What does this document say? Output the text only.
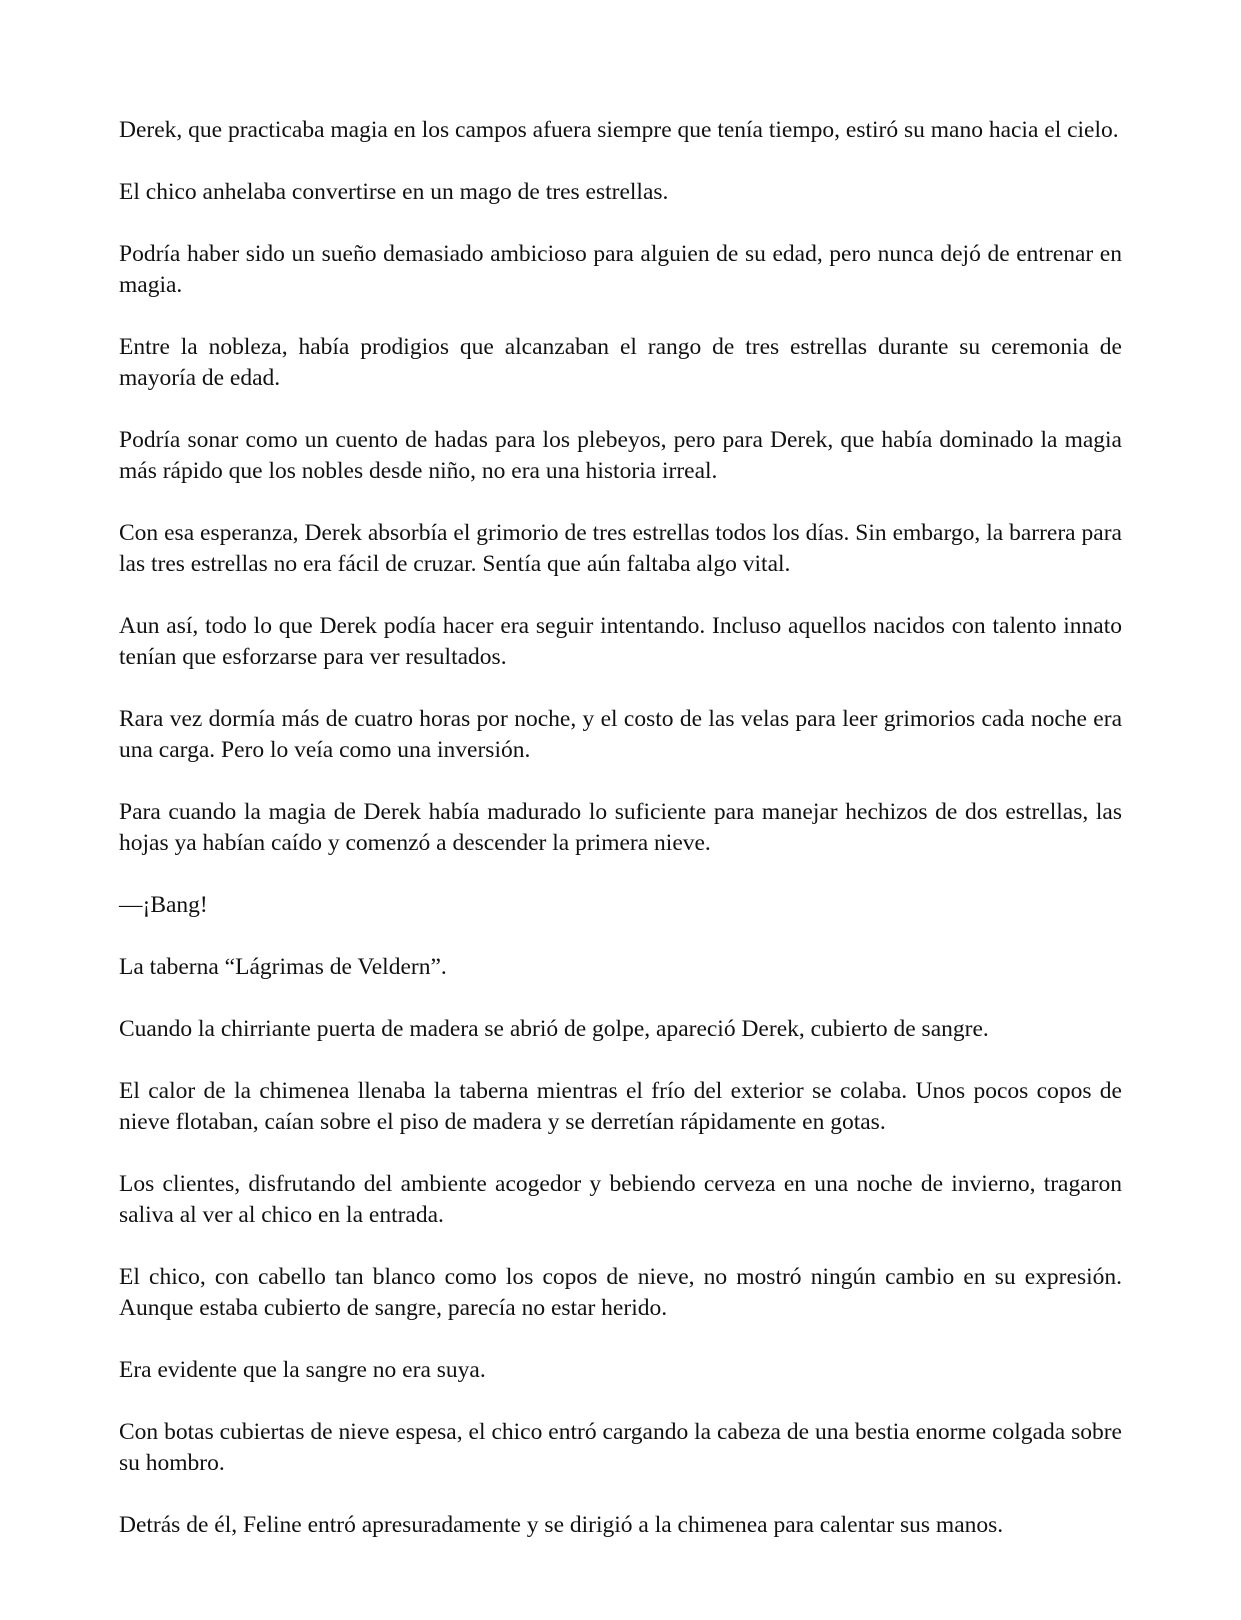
Derek, que practicaba magia en los campos afuera siempre que tenía tiempo, estiró su mano hacia el cielo.

El chico anhelaba convertirse en un mago de tres estrellas.

Podría haber sido un sueño demasiado ambicioso para alguien de su edad, pero nunca dejó de entrenar en magia.

Entre la nobleza, había prodigios que alcanzaban el rango de tres estrellas durante su ceremonia de mayoría de edad.

Podría sonar como un cuento de hadas para los plebeyos, pero para Derek, que había dominado la magia más rápido que los nobles desde niño, no era una historia irreal.

Con esa esperanza, Derek absorbía el grimorio de tres estrellas todos los días. Sin embargo, la barrera para las tres estrellas no era fácil de cruzar. Sentía que aún faltaba algo vital.

Aun así, todo lo que Derek podía hacer era seguir intentando. Incluso aquellos nacidos con talento innato tenían que esforzarse para ver resultados.

Rara vez dormía más de cuatro horas por noche, y el costo de las velas para leer grimorios cada noche era una carga. Pero lo veía como una inversión.

Para cuando la magia de Derek había madurado lo suficiente para manejar hechizos de dos estrellas, las hojas ya habían caído y comenzó a descender la primera nieve.

—¡Bang!

La taberna “Lágrimas de Veldern”.

Cuando la chirriante puerta de madera se abrió de golpe, apareció Derek, cubierto de sangre.

El calor de la chimenea llenaba la taberna mientras el frío del exterior se colaba. Unos pocos copos de nieve flotaban, caían sobre el piso de madera y se derretían rápidamente en gotas.

Los clientes, disfrutando del ambiente acogedor y bebiendo cerveza en una noche de invierno, tragaron saliva al ver al chico en la entrada.

El chico, con cabello tan blanco como los copos de nieve, no mostró ningún cambio en su expresión. Aunque estaba cubierto de sangre, parecía no estar herido.

Era evidente que la sangre no era suya.

Con botas cubiertas de nieve espesa, el chico entró cargando la cabeza de una bestia enorme colgada sobre su hombro.

Detrás de él, Feline entró apresuradamente y se dirigió a la chimenea para calentar sus manos.
